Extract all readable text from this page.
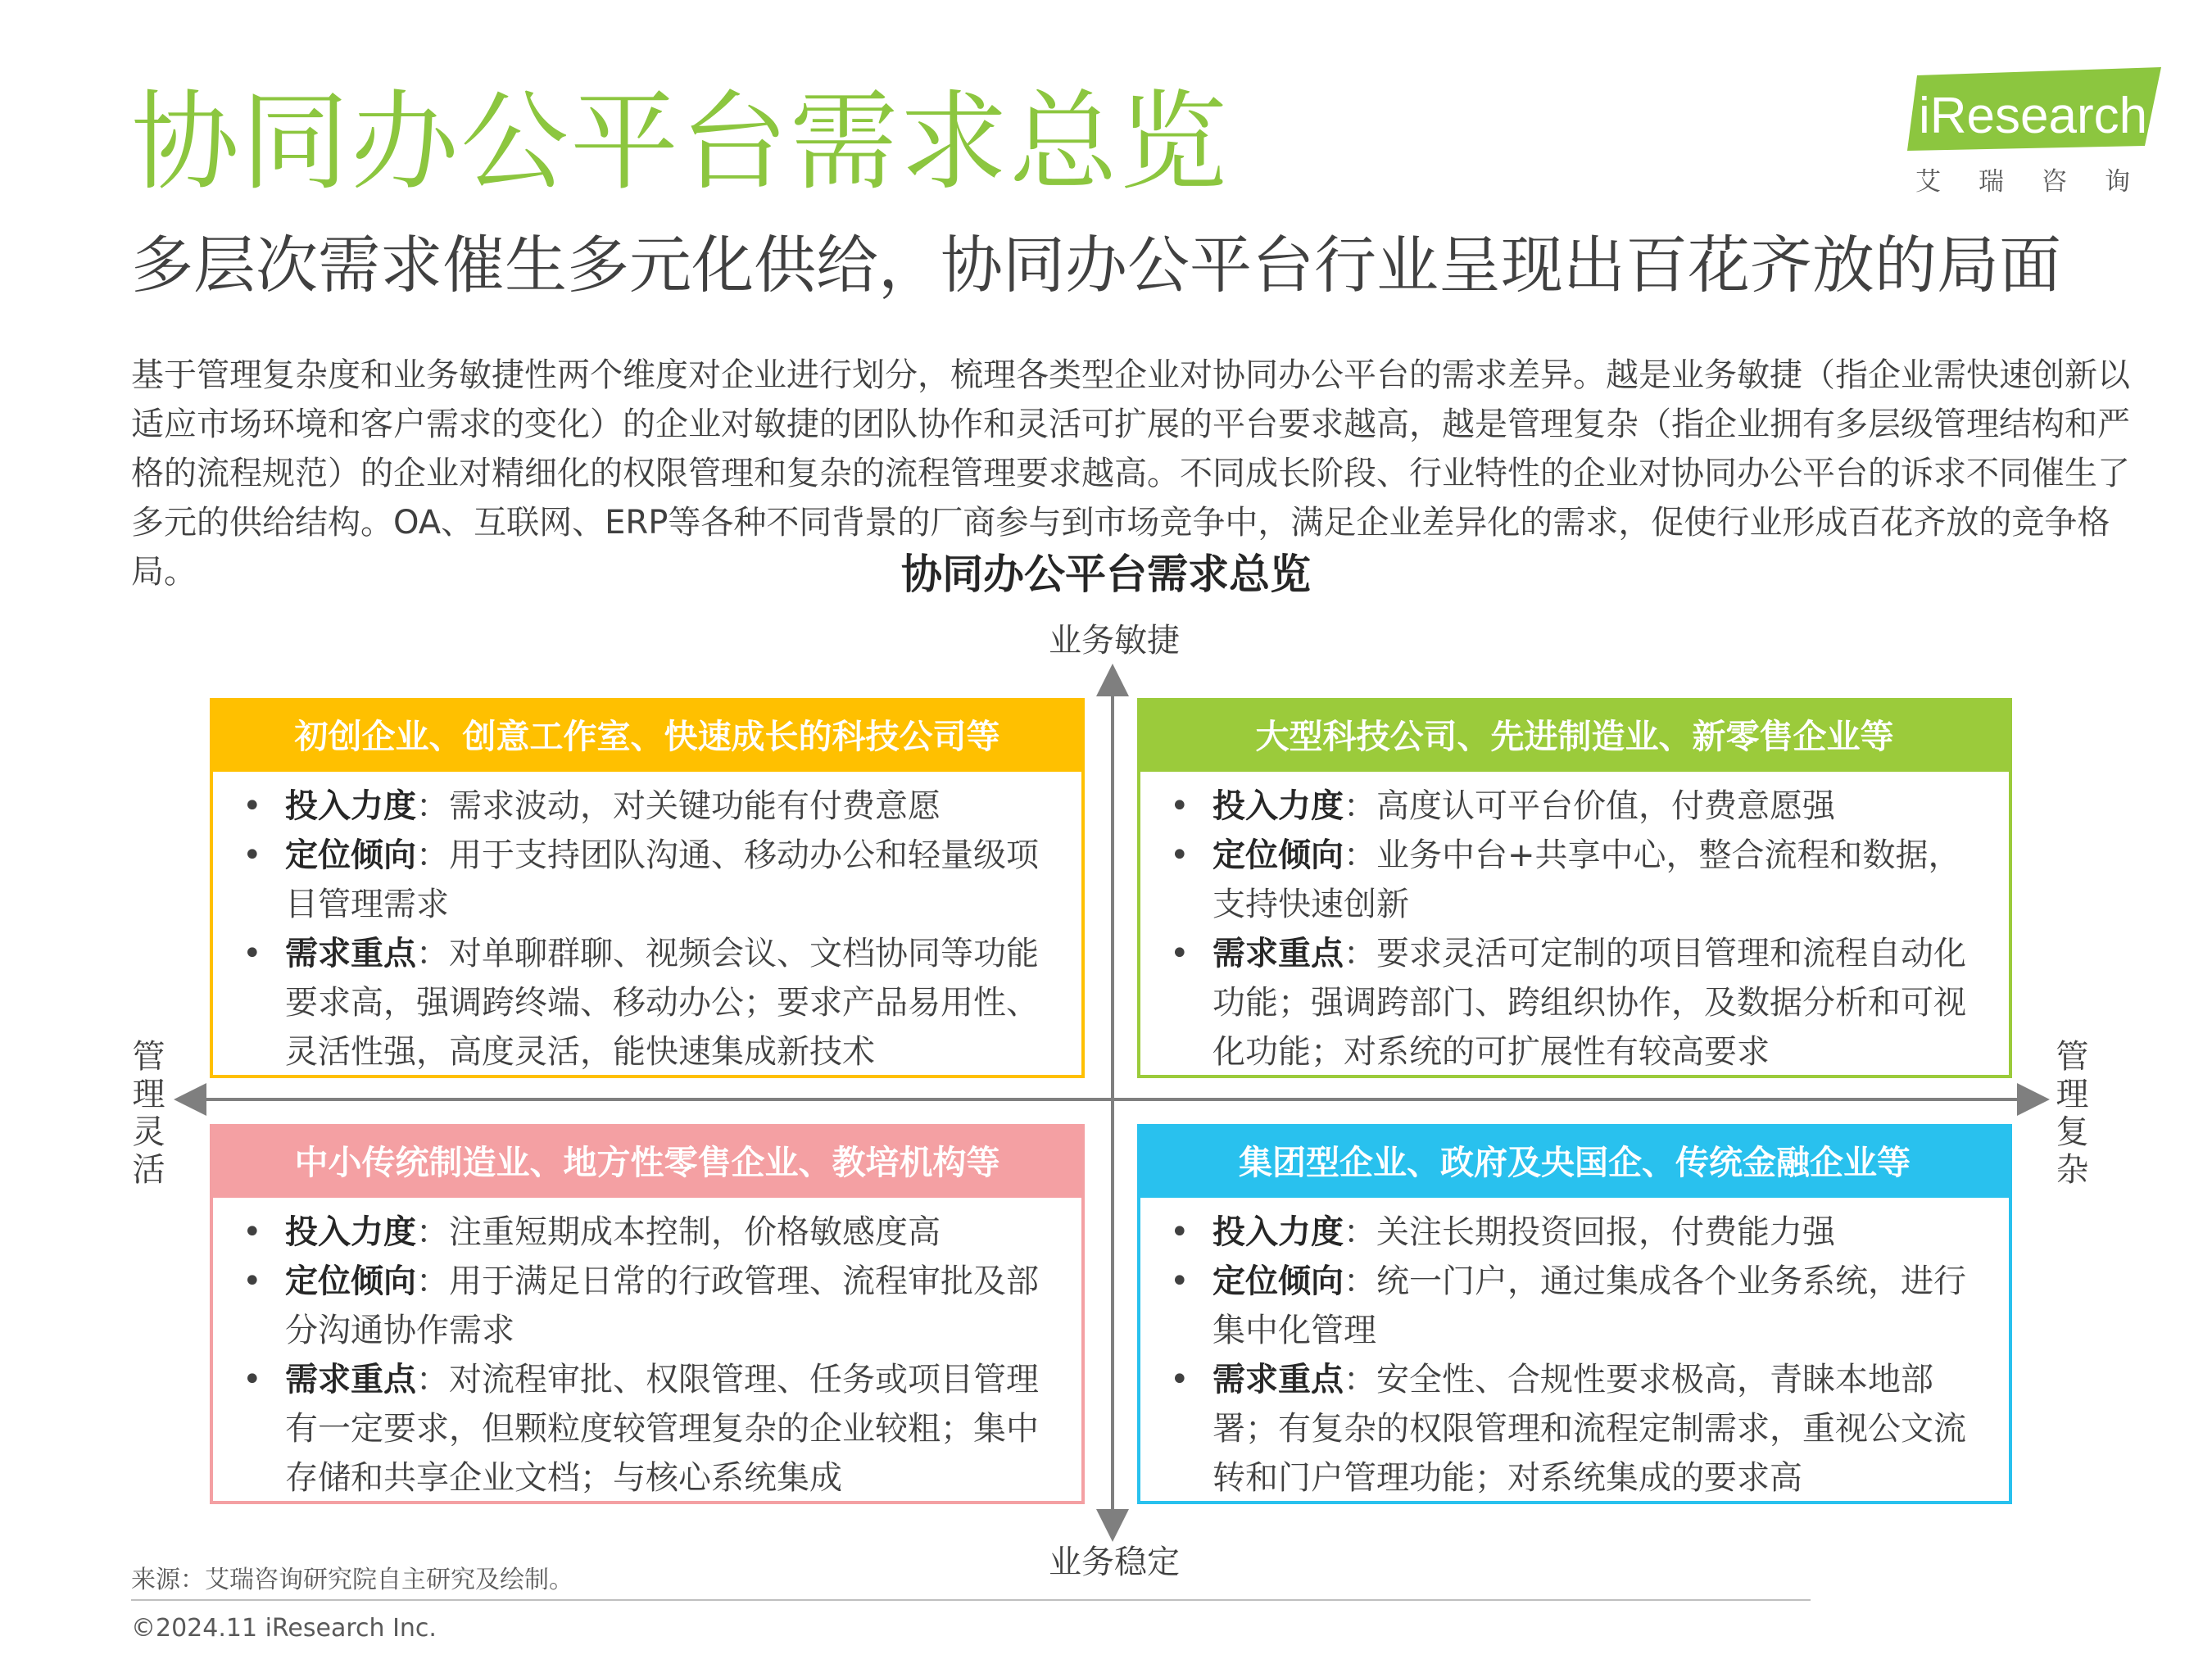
协同办公平台需求总览
多层次需求催生多元化供给，协同办公平台行业呈现出百花齐放的局面
iResearch
艾瑞咨询
基于管理复杂度和业务敏捷性两个维度对企业进行划分，梳理各类型企业对协同办公平台的需求差异。越是业务敏捷（指企业需快速创新以适应市场环境和客户需求的变化）的企业对敏捷的团队协作和灵活可扩展的平台要求越高，越是管理复杂（指企业拥有多层级管理结构和严格的流程规范）的企业对精细化的权限管理和复杂的流程管理要求越高。不同成长阶段、行业特性的企业对协同办公平台的诉求不同催生了多元的供给结构。OA、互联网、ERP等各种不同背景的厂商参与到市场竞争中，满足企业差异化的需求，促使行业形成百花齐放的竞争格局。	协同办公平台需求总览
业务敏捷
业务稳定
管理灵活	管理复杂
初创企业、创意工作室、快速成长的科技公司等
• 投入力度：需求波动，对关键功能有付费意愿
• 定位倾向：用于支持团队沟通、移动办公和轻量级项目管理需求
• 需求重点：对单聊群聊、视频会议、文档协同等功能要求高，强调跨终端、移动办公；要求产品易用性、灵活性强，高度灵活，能快速集成新技术
大型科技公司、先进制造业、新零售企业等
• 投入力度：高度认可平台价值，付费意愿强
• 定位倾向：业务中台+共享中心，整合流程和数据，支持快速创新
• 需求重点：要求灵活可定制的项目管理和流程自动化功能；强调跨部门、跨组织协作，及数据分析和可视化功能；对系统的可扩展性有较高要求
中小传统制造业、地方性零售企业、教培机构等
• 投入力度：注重短期成本控制，价格敏感度高
• 定位倾向：用于满足日常的行政管理、流程审批及部分沟通协作需求
• 需求重点：对流程审批、权限管理、任务或项目管理有一定要求，但颗粒度较管理复杂的企业较粗；集中存储和共享企业文档；与核心系统集成
集团型企业、政府及央国企、传统金融企业等
• 投入力度：关注长期投资回报，付费能力强
• 定位倾向：统一门户，通过集成各个业务系统，进行集中化管理
• 需求重点：安全性、合规性要求极高，青睐本地部署；有复杂的权限管理和流程定制需求，重视公文流转和门户管理功能；对系统集成的要求高
来源：艾瑞咨询研究院自主研究及绘制。
©2024.11 iResearch Inc.
